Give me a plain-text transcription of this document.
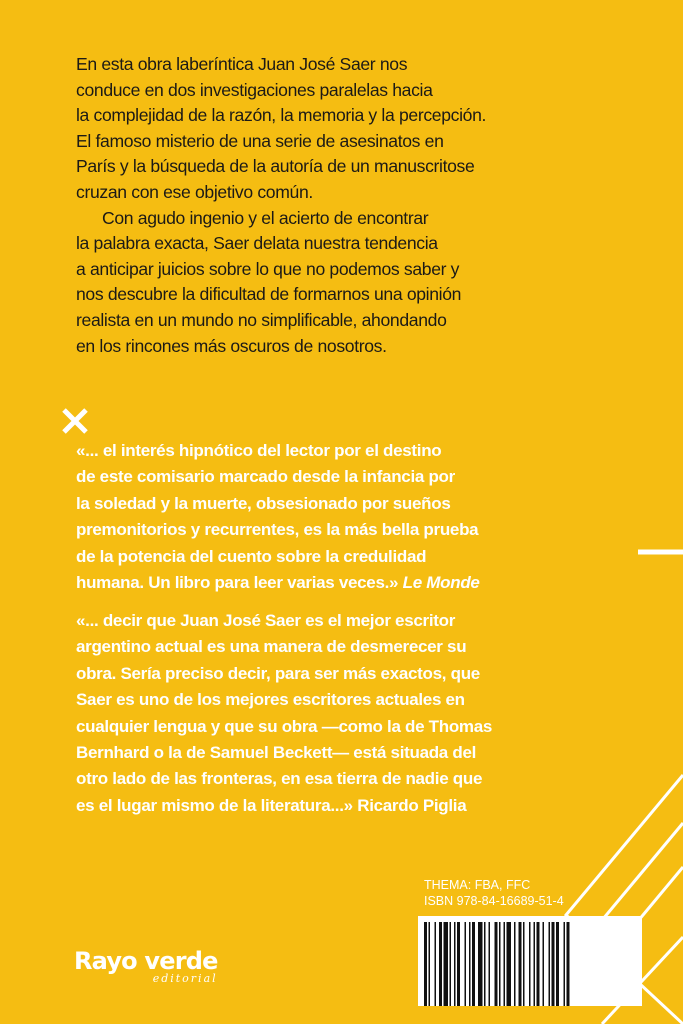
En esta obra laberíntica Juan José Saer nos
conduce en dos investigaciones paralelas hacia
la complejidad de la razón, la memoria y la percepción.
El famoso misterio de una serie de asesinatos en
París y la búsqueda de la autoría de un manuscritose
cruzan con ese objetivo común.

Con agudo ingenio y el acierto de encontrar
la palabra exacta, Saer delata nuestra tendencia
a anticipar juicios sobre lo que no podemos saber y
nos descubre la dificultad de formarnos una opinión
realista en un mundo no simplificable, ahondando
en los rincones más oscuros de nosotros.

«... el interés hipnótico del lector por el destino
de este comisario marcado desde la infancia por
la soledad y la muerte, obsesionado por sueños
premonitorios y recurrentes, es la más bella prueba
de la potencia del cuento sobre la credulidad
humana. Un libro para leer varias veces.» Le Monde

«... decir que Juan José Saer es el mejor escritor
argentino actual es una manera de desmerecer su
obra. Sería preciso decir, para ser más exactos, que
Saer es uno de los mejores escritores actuales en
cualquier lengua y que su obra —como la de Thomas
Bernhard o la de Samuel Beckett— está situada del
otro lado de las fronteras, en esa tierra de nadie que
es el lugar mismo de la literatura...» Ricardo Piglia

THEMA: FBA, FFC
ISBN 978-84-16689-51-4
Rayo verde
editorial
